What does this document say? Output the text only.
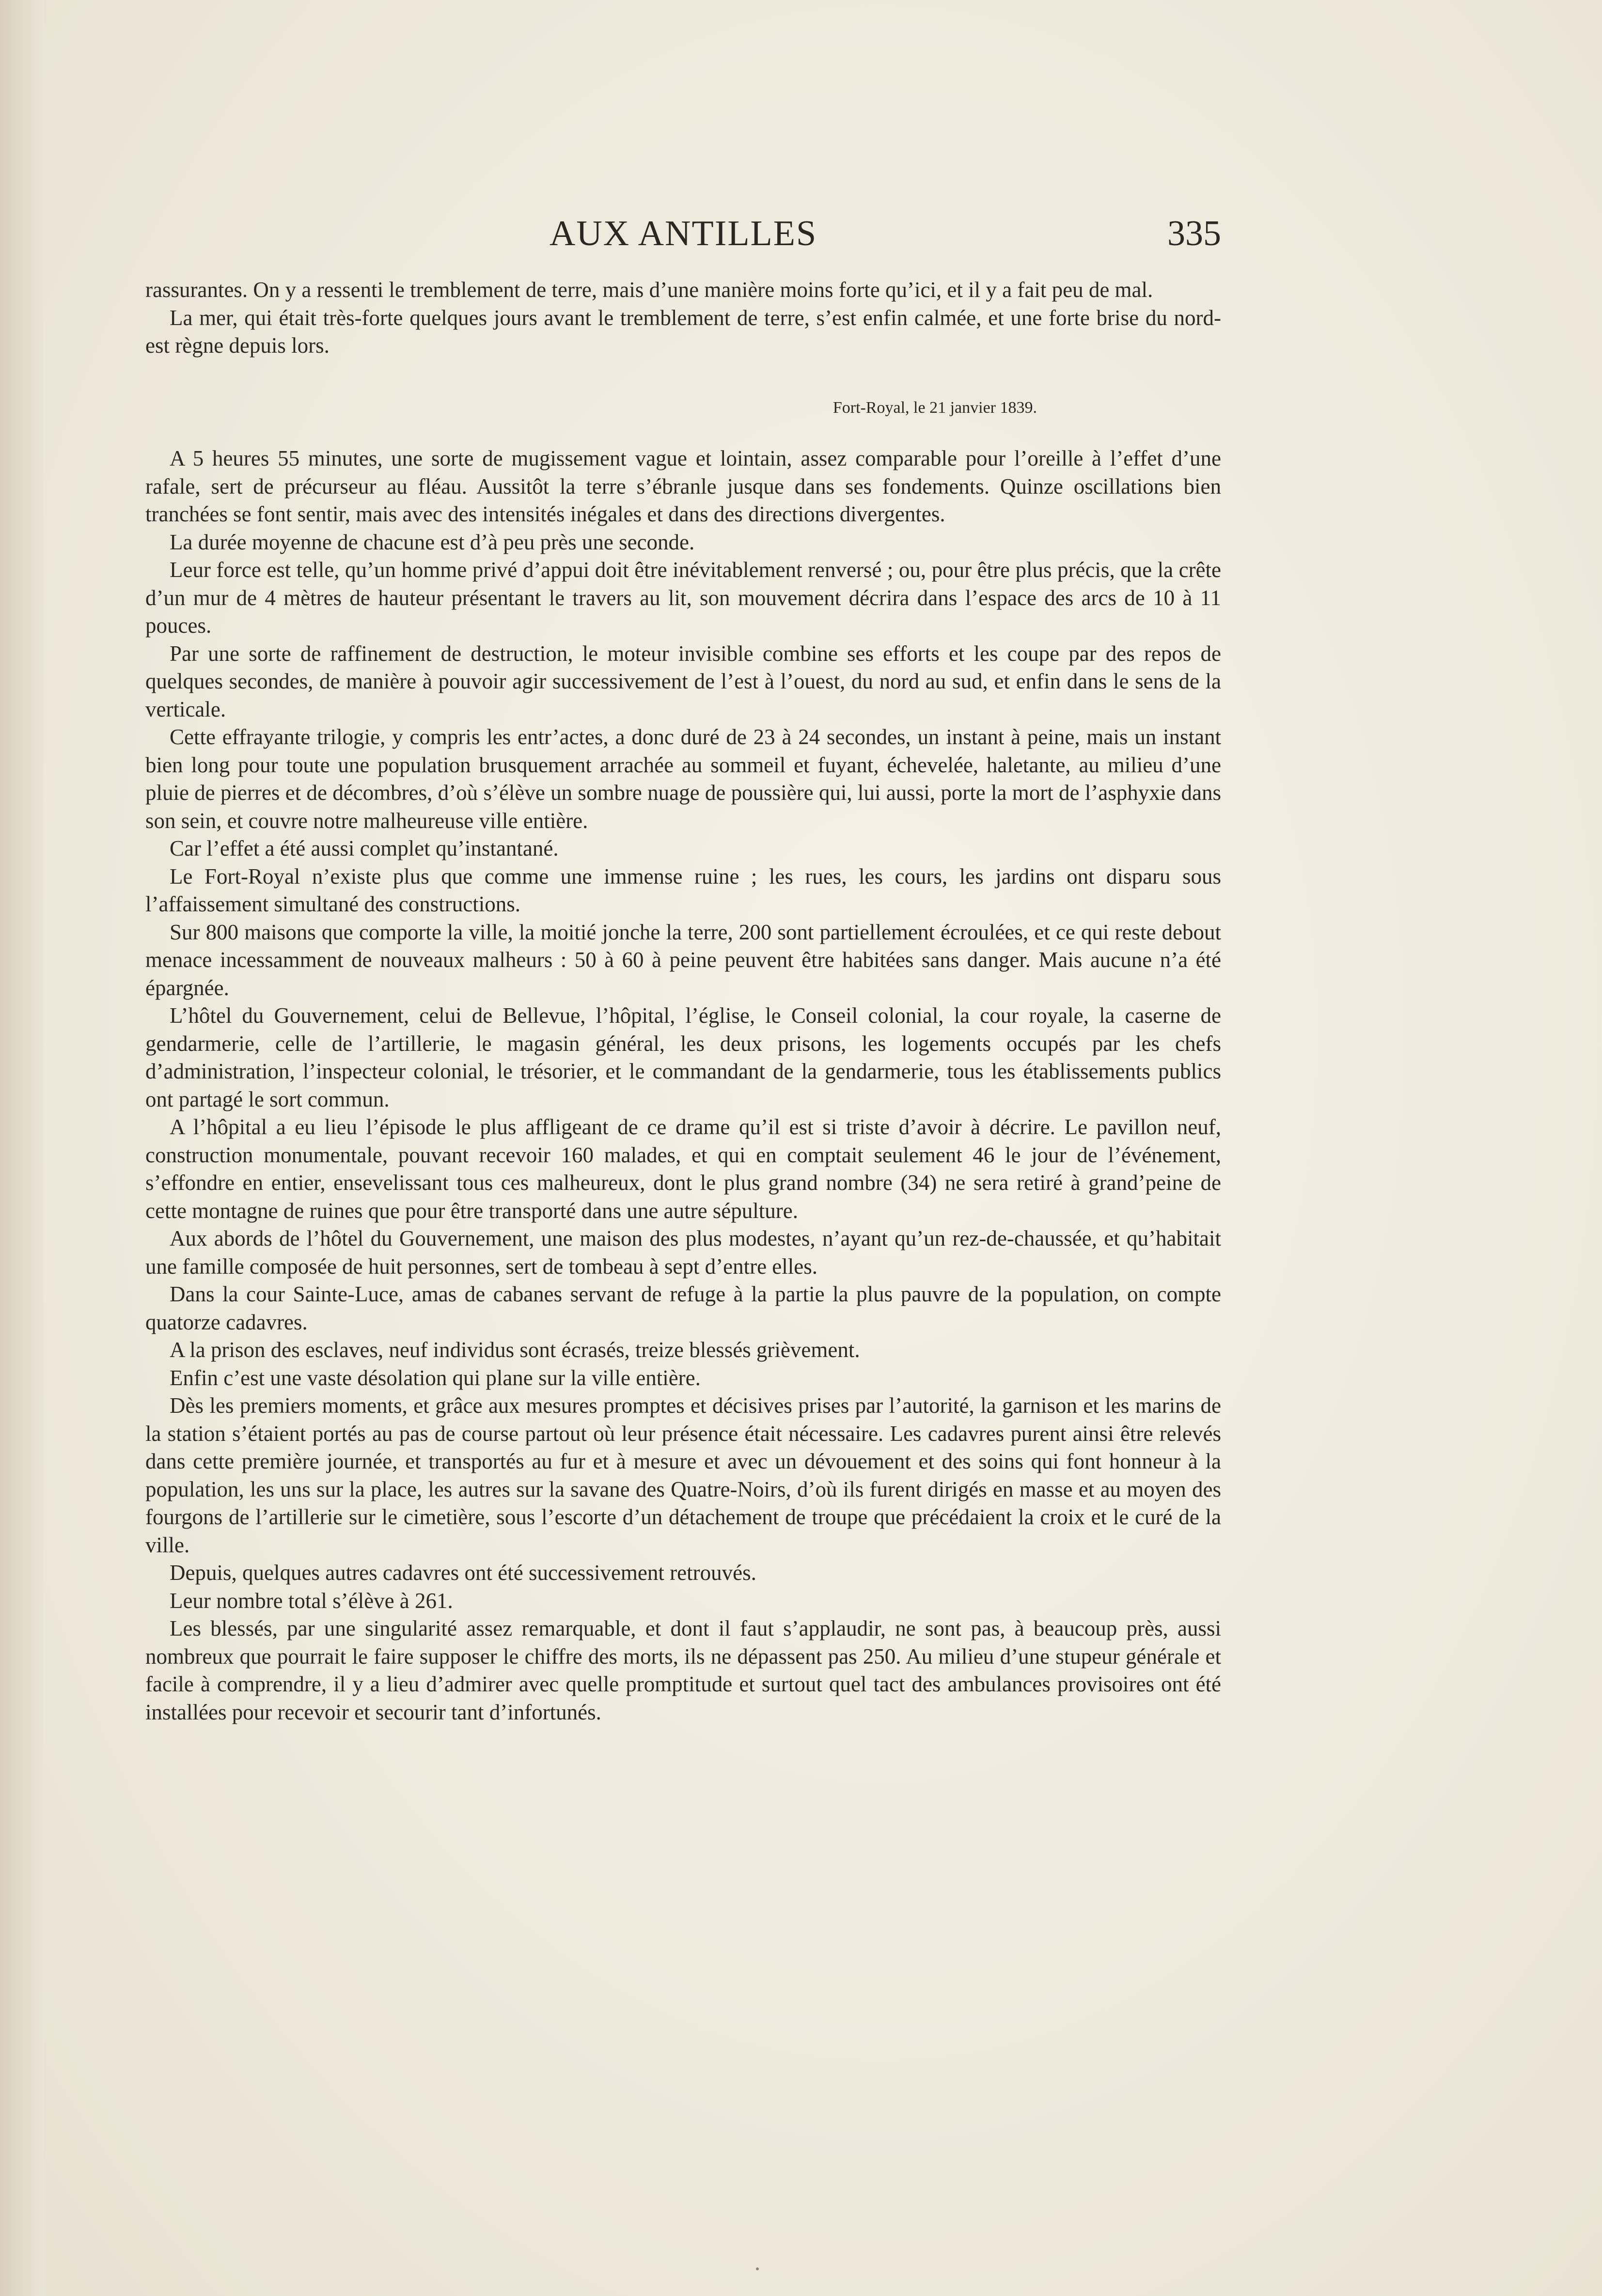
AUX ANTILLES	335

rassurantes. On y a ressenti le tremblement de terre, mais d’une manière moins forte qu’ici, et il y a fait peu de mal.

La mer, qui était très-forte quelques jours avant le tremblement de terre, s’est enfin calmée, et une forte brise du nord-est règne depuis lors.

Fort-Royal, le 21 janvier 1839.

A 5 heures 55 minutes, une sorte de mugissement vague et lointain, assez comparable pour l’oreille à l’effet d’une rafale, sert de précurseur au fléau. Aussitôt la terre s’ébranle jusque dans ses fondements. Quinze oscillations bien tranchées se font sentir, mais avec des intensités inégales et dans des directions divergentes.

La durée moyenne de chacune est d’à peu près une seconde.

Leur force est telle, qu’un homme privé d’appui doit être inévitablement renversé ; ou, pour être plus précis, que la crête d’un mur de 4 mètres de hauteur présentant le travers au lit, son mouvement décrira dans l’espace des arcs de 10 à 11 pouces.

Par une sorte de raffinement de destruction, le moteur invisible combine ses efforts et les coupe par des repos de quelques secondes, de manière à pouvoir agir successivement de l’est à l’ouest, du nord au sud, et enfin dans le sens de la verticale.

Cette effrayante trilogie, y compris les entr’actes, a donc duré de 23 à 24 secondes, un instant à peine, mais un instant bien long pour toute une population brusquement arrachée au sommeil et fuyant, échevelée, haletante, au milieu d’une pluie de pierres et de décombres, d’où s’élève un sombre nuage de poussière qui, lui aussi, porte la mort de l’asphyxie dans son sein, et couvre notre malheureuse ville entière.

Car l’effet a été aussi complet qu’instantané.

Le Fort-Royal n’existe plus que comme une immense ruine ; les rues, les cours, les jardins ont disparu sous l’affaissement simultané des constructions.

Sur 800 maisons que comporte la ville, la moitié jonche la terre, 200 sont partiellement écroulées, et ce qui reste debout menace incessamment de nouveaux malheurs : 50 à 60 à peine peuvent être habitées sans danger. Mais aucune n’a été épargnée.

L’hôtel du Gouvernement, celui de Bellevue, l’hôpital, l’église, le Conseil colonial, la cour royale, la caserne de gendarmerie, celle de l’artillerie, le magasin général, les deux prisons, les logements occupés par les chefs d’administration, l’inspecteur colonial, le trésorier, et le commandant de la gendarmerie, tous les établissements publics ont partagé le sort commun.

A l’hôpital a eu lieu l’épisode le plus affligeant de ce drame qu’il est si triste d’avoir à décrire. Le pavillon neuf, construction monumentale, pouvant recevoir 160 malades, et qui en comptait seulement 46 le jour de l’événement, s’effondre en entier, ensevelissant tous ces malheureux, dont le plus grand nombre (34) ne sera retiré à grand’peine de cette montagne de ruines que pour être transporté dans une autre sépulture.

Aux abords de l’hôtel du Gouvernement, une maison des plus modestes, n’ayant qu’un rez-de-chaussée, et qu’habitait une famille composée de huit personnes, sert de tombeau à sept d’entre elles.

Dans la cour Sainte-Luce, amas de cabanes servant de refuge à la partie la plus pauvre de la population, on compte quatorze cadavres.

A la prison des esclaves, neuf individus sont écrasés, treize blessés grièvement.

Enfin c’est une vaste désolation qui plane sur la ville entière.

Dès les premiers moments, et grâce aux mesures promptes et décisives prises par l’autorité, la garnison et les marins de la station s’étaient portés au pas de course partout où leur présence était nécessaire. Les cadavres purent ainsi être relevés dans cette première journée, et transportés au fur et à mesure et avec un dévouement et des soins qui font honneur à la population, les uns sur la place, les autres sur la savane des Quatre-Noirs, d’où ils furent dirigés en masse et au moyen des fourgons de l’artillerie sur le cimetière, sous l’escorte d’un détachement de troupe que précédaient la croix et le curé de la ville.

Depuis, quelques autres cadavres ont été successivement retrouvés.

Leur nombre total s’élève à 261.

Les blessés, par une singularité assez remarquable, et dont il faut s’applaudir, ne sont pas, à beaucoup près, aussi nombreux que pourrait le faire supposer le chiffre des morts, ils ne dépassent pas 250. Au milieu d’une stupeur générale et facile à comprendre, il y a lieu d’admirer avec quelle promptitude et surtout quel tact des ambulances provisoires ont été installées pour recevoir et secourir tant d’infortunés.
